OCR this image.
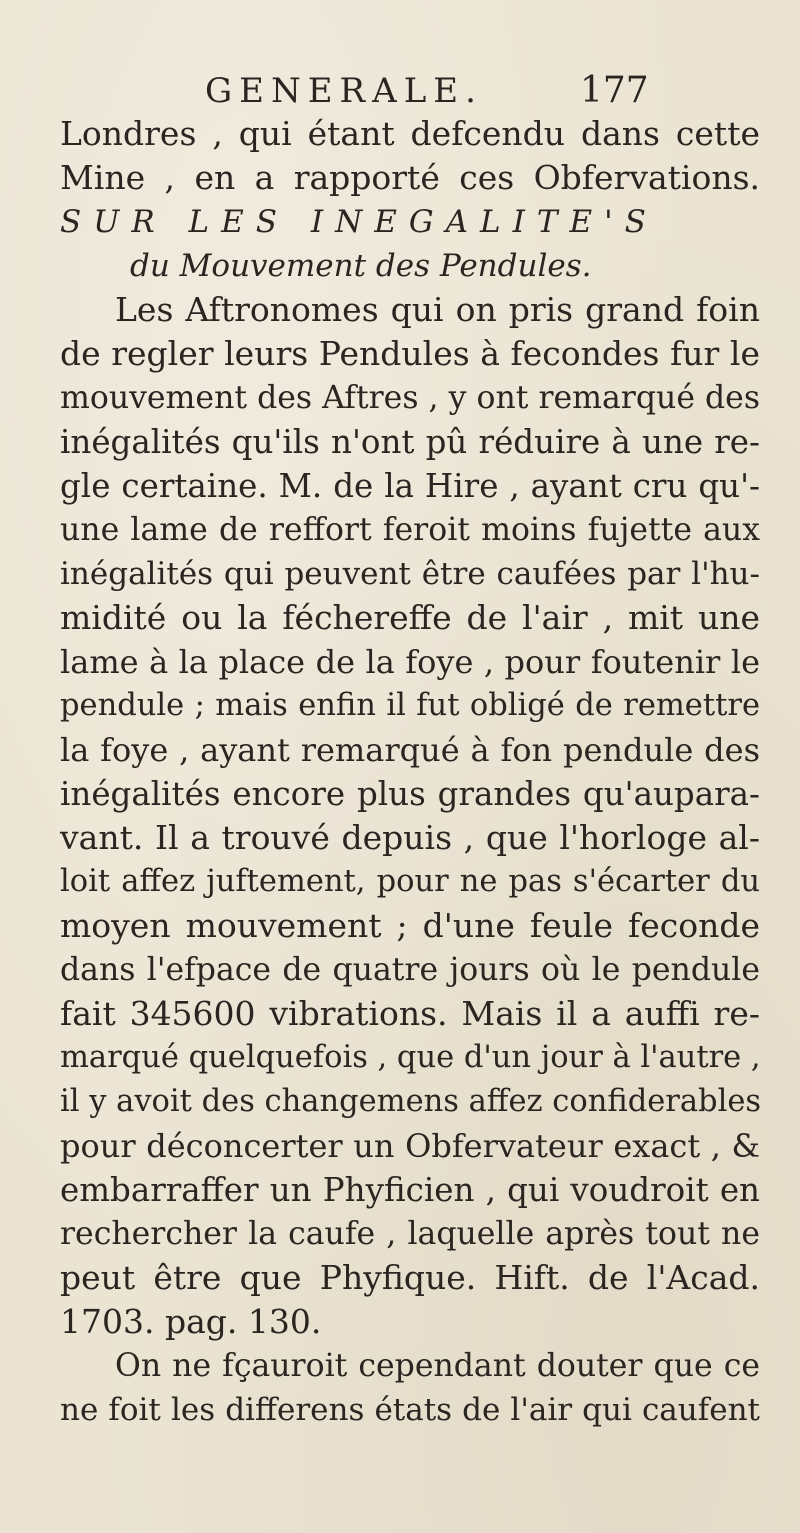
GENERALE.	177
Londres , qui étant defcendu dans cette
Mine , en a rapporté ces Obfervations.
SUR LES INEGALITE'S
du Mouvement des Pendules.
Les Aftronomes qui on pris grand foin
de regler leurs Pendules à fecondes fur le
mouvement des Aftres , y ont remarqué des
inégalités qu'ils n'ont pû réduire à une re-
gle certaine. M. de la Hire , ayant cru qu'-
une lame de reffort feroit moins fujette aux
inégalités qui peuvent être caufées par l'hu-
midité ou la féchereffe de l'air , mit une
lame à la place de la foye , pour foutenir le
pendule ; mais enfin il fut obligé de remettre
la foye , ayant remarqué à fon pendule des
inégalités encore plus grandes qu'aupara-
vant. Il a trouvé depuis , que l'horloge al-
loit affez juftement, pour ne pas s'écarter du
moyen mouvement ; d'une feule feconde
dans l'efpace de quatre jours où le pendule
fait 345600 vibrations. Mais il a auffi re-
marqué quelquefois , que d'un jour à l'autre ,
il y avoit des changemens affez confiderables
pour déconcerter un Obfervateur exact , &
embarraffer un Phyficien , qui voudroit en
rechercher la caufe , laquelle après tout ne
peut être que Phyfique. Hift. de l'Acad.
1703. pag. 130.
On ne fçauroit cependant douter que ce
ne foit les differens états de l'air qui caufent
